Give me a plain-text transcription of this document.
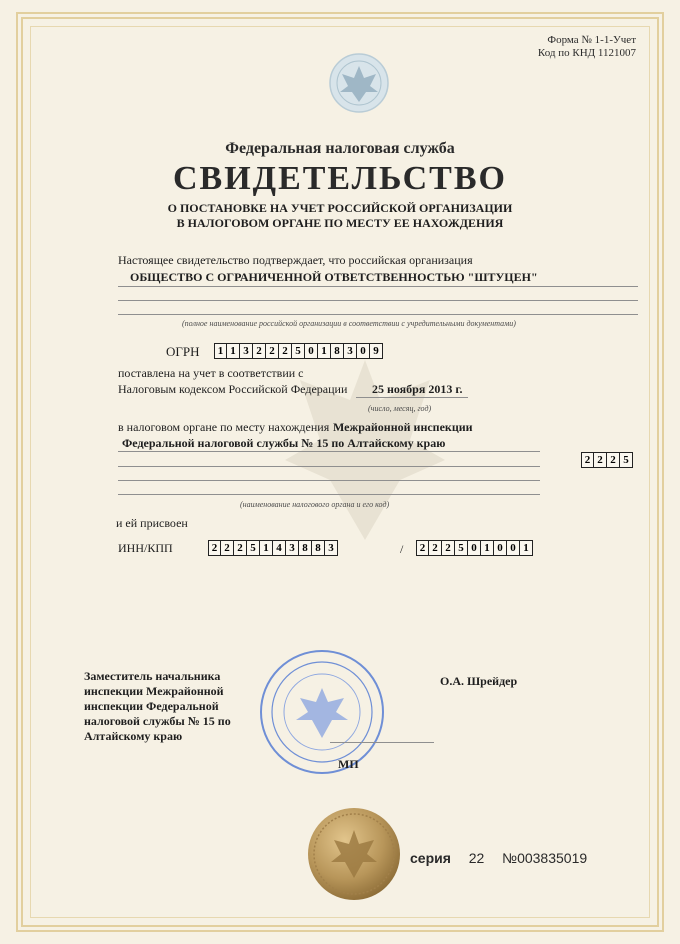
Форма № 1-1-Учет
Код по КНД 1121007
Федеральная налоговая служба
СВИДЕТЕЛЬСТВО
О ПОСТАНОВКЕ НА УЧЕТ РОССИЙСКОЙ ОРГАНИЗАЦИИ
В НАЛОГОВОМ ОРГАНЕ ПО МЕСТУ ЕЕ НАХОЖДЕНИЯ
Настоящее свидетельство подтверждает, что российская организация
ОБЩЕСТВО С ОГРАНИЧЕННОЙ ОТВЕТСТВЕННОСТЬЮ "ШТУЦЕН"
(полное наименование российской организации в соответствии с учредительными документами)
ОГРН	1 1 3 2 2 2 5 0 1 8 3 0 9
поставлена на учет в соответствии с
Налоговым кодексом Российской Федерации 25 ноября 2013 г.
(число, месяц, год)
в налоговом органе по месту нахождения Межрайонной инспекции
Федеральной налоговой службы № 15 по Алтайскому краю
2 2 2 5
(наименование налогового органа и его код)
и ей присвоен
ИНН/КПП	2 2 2 5 1 4 3 8 8 3	/	2 2 2 5 0 1 0 0 1
Заместитель начальника инспекции Межрайонной инспекции Федеральной налоговой службы № 15 по Алтайскому краю
О.А. Шрейдер
МП
серия 22 №003835019
